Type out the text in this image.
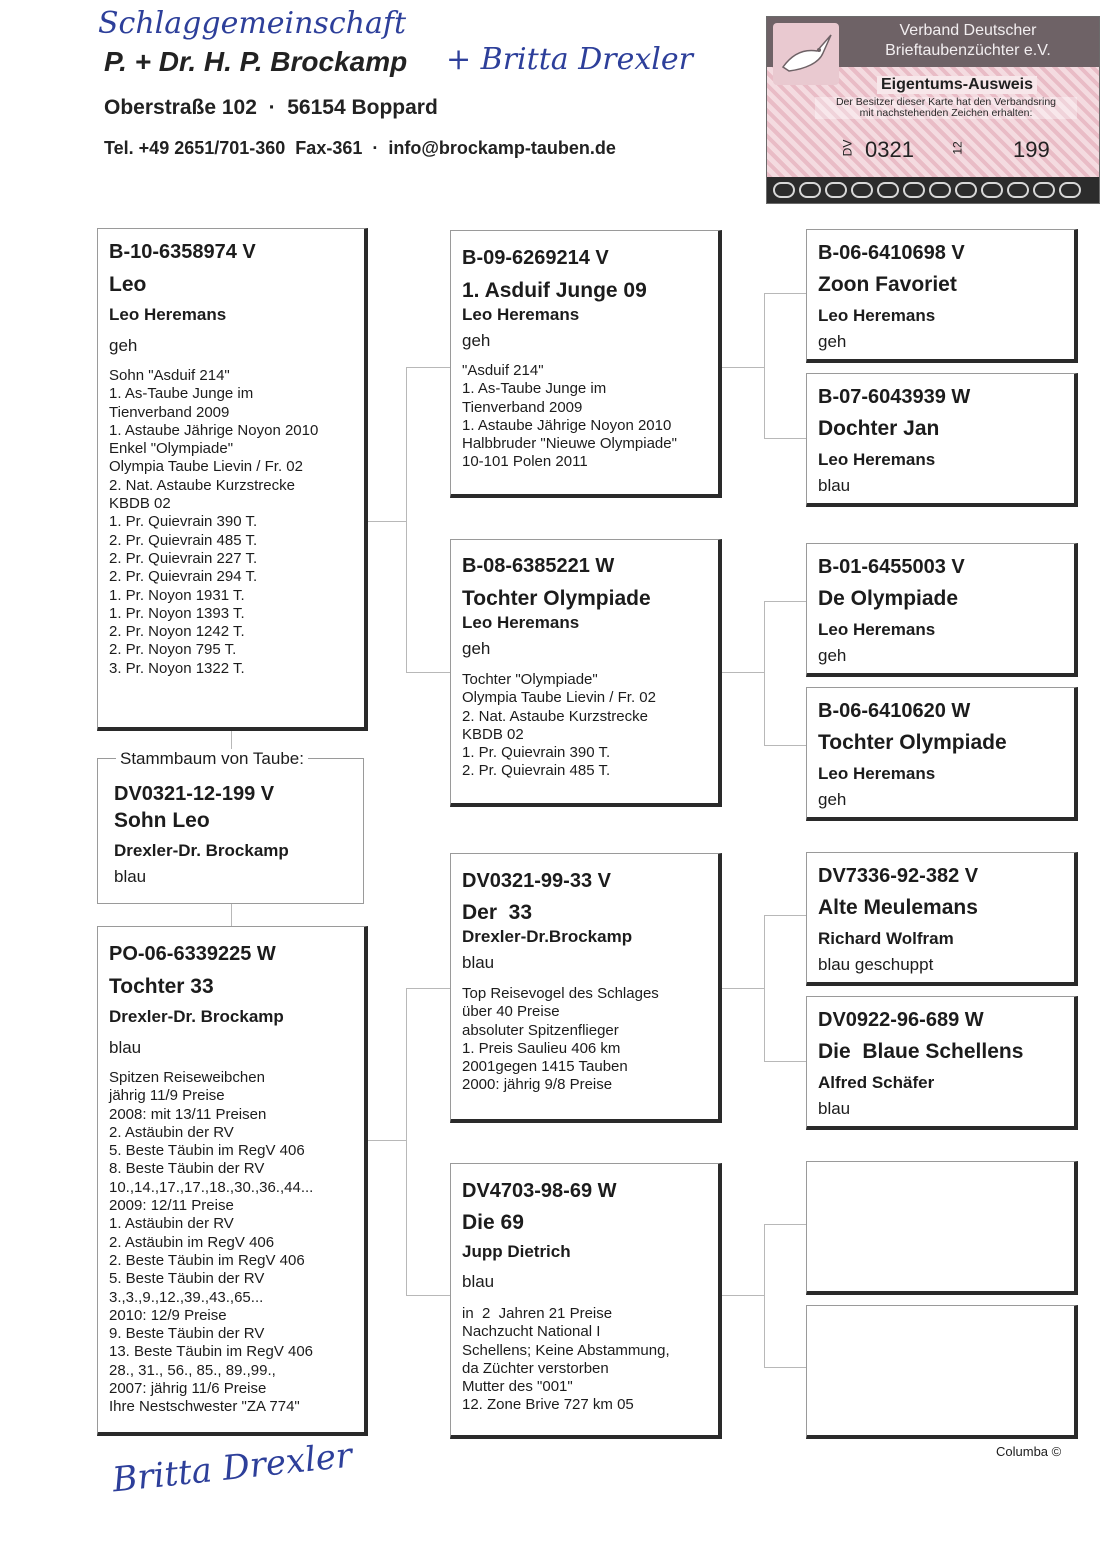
Schlaggemeinschaft
P. + Dr. H. P. Brockamp + Britta Drexler
Oberstraße 102  ·  56154 Boppard
Tel. +49 2651/701-360  Fax-361  ·  info@brockamp-tauben.de
Verband Deutscher
Brieftaubenzüchter e.V.
Eigentums-Ausweis
Der Besitzer dieser Karte hat den Verbandsring
mit nachstehenden Zeichen erhalten:
DV 0321	12 199
B-10-6358974 V
Leo
Leo Heremans
geh
Sohn "Asduif 214"
1. As-Taube Junge im
Tienverband 2009
1. Astaube Jährige Noyon 2010
Enkel "Olympiade"
Olympia Taube Lievin / Fr. 02
2. Nat. Astaube Kurzstrecke
KBDB 02
1. Pr. Quievrain 390 T.
2. Pr. Quievrain 485 T.
2. Pr. Quievrain 227 T.
2. Pr. Quievrain 294 T.
1. Pr. Noyon 1931 T.
1. Pr. Noyon 1393 T.
2. Pr. Noyon 1242 T.
2. Pr. Noyon 795 T.
3. Pr. Noyon 1322 T.
DV0321-12-199 V
Sohn Leo
Drexler-Dr. Brockamp
blau
Stammbaum von Taube:
PO-06-6339225 W
Tochter 33
Drexler-Dr. Brockamp
blau
Spitzen Reiseweibchen
jährig 11/9 Preise
2008: mit 13/11 Preisen
2. Astäubin der RV
5. Beste Täubin im RegV 406
8. Beste Täubin der RV
10.,14.,17.,17.,18.,30.,36.,44...
2009: 12/11 Preise
1. Astäubin der RV
2. Astäubin im RegV 406
2. Beste Täubin im RegV 406
5. Beste Täubin der RV
3.,3.,9.,12.,39.,43.,65...
2010: 12/9 Preise
9. Beste Täubin der RV
13. Beste Täubin im RegV 406
28., 31., 56., 85., 89.,99.,
2007: jährig 11/6 Preise
Ihre Nestschwester "ZA 774"
B-09-6269214 V
1. Asduif Junge 09
Leo Heremans
geh
"Asduif 214"
1. As-Taube Junge im
Tienverband 2009
1. Astaube Jährige Noyon 2010
Halbbruder "Nieuwe Olympiade"
10-101 Polen 2011
B-08-6385221 W
Tochter Olympiade
Leo Heremans
geh
Tochter "Olympiade"
Olympia Taube Lievin / Fr. 02
2. Nat. Astaube Kurzstrecke
KBDB 02
1. Pr. Quievrain 390 T.
2. Pr. Quievrain 485 T.
DV0321-99-33 V
Der  33
Drexler-Dr.Brockamp
blau
Top Reisevogel des Schlages
über 40 Preise
absoluter Spitzenflieger
1. Preis Saulieu 406 km
2001gegen 1415 Tauben
2000: jährig 9/8 Preise
DV4703-98-69 W
Die 69
Jupp Dietrich
blau
in  2  Jahren 21 Preise
Nachzucht National I
Schellens; Keine Abstammung,
da Züchter verstorben
Mutter des "001"
12. Zone Brive 727 km 05
B-06-6410698 V
Zoon Favoriet
Leo Heremans
geh
B-07-6043939 W
Dochter Jan
Leo Heremans
blau
B-01-6455003 V
De Olympiade
Leo Heremans
geh
B-06-6410620 W
Tochter Olympiade
Leo Heremans
geh
DV7336-92-382 V
Alte Meulemans
Richard Wolfram
blau geschuppt
DV0922-96-689 W
Die  Blaue Schellens
Alfred Schäfer
blau
Columba ©
Britta Drexler
